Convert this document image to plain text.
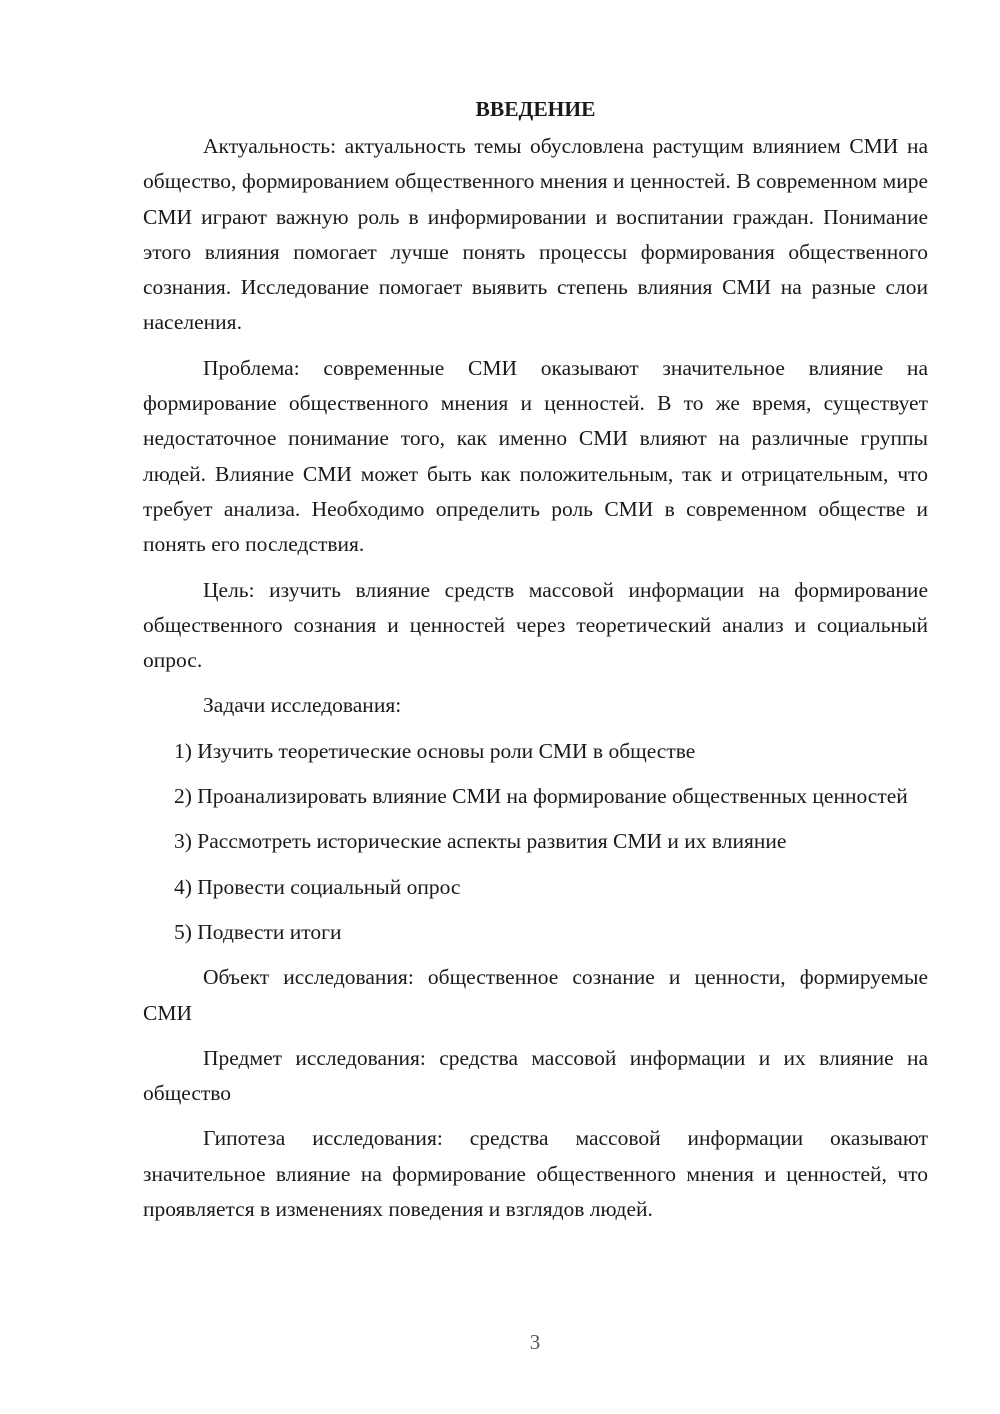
ВВЕДЕНИЕ

Актуальность: актуальность темы обусловлена растущим влиянием СМИ на общество, формированием общественного мнения и ценностей. В современном мире СМИ играют важную роль в информировании и воспитании граждан. Понимание этого влияния помогает лучше понять процессы формирования общественного сознания. Исследование помогает выявить степень влияния СМИ на разные слои населения.

Проблема: современные СМИ оказывают значительное влияние на формирование общественного мнения и ценностей. В то же время, существует недостаточное понимание того, как именно СМИ влияют на различные группы людей. Влияние СМИ может быть как положительным, так и отрицательным, что требует анализа. Необходимо определить роль СМИ в современном обществе и понять его последствия.

Цель: изучить влияние средств массовой информации на формирование общественного сознания и ценностей через теоретический анализ и социальный опрос.

Задачи исследования:

1) Изучить теоретические основы роли СМИ в обществе

2) Проанализировать влияние СМИ на формирование общественных ценностей

3) Рассмотреть исторические аспекты развития СМИ и их влияние

4) Провести социальный опрос

5) Подвести итоги

Объект исследования: общественное сознание и ценности, формируемые СМИ

Предмет исследования: средства массовой информации и их влияние на общество

Гипотеза исследования: средства массовой информации оказывают значительное влияние на формирование общественного мнения и ценностей, что проявляется в изменениях поведения и взглядов людей.

3
